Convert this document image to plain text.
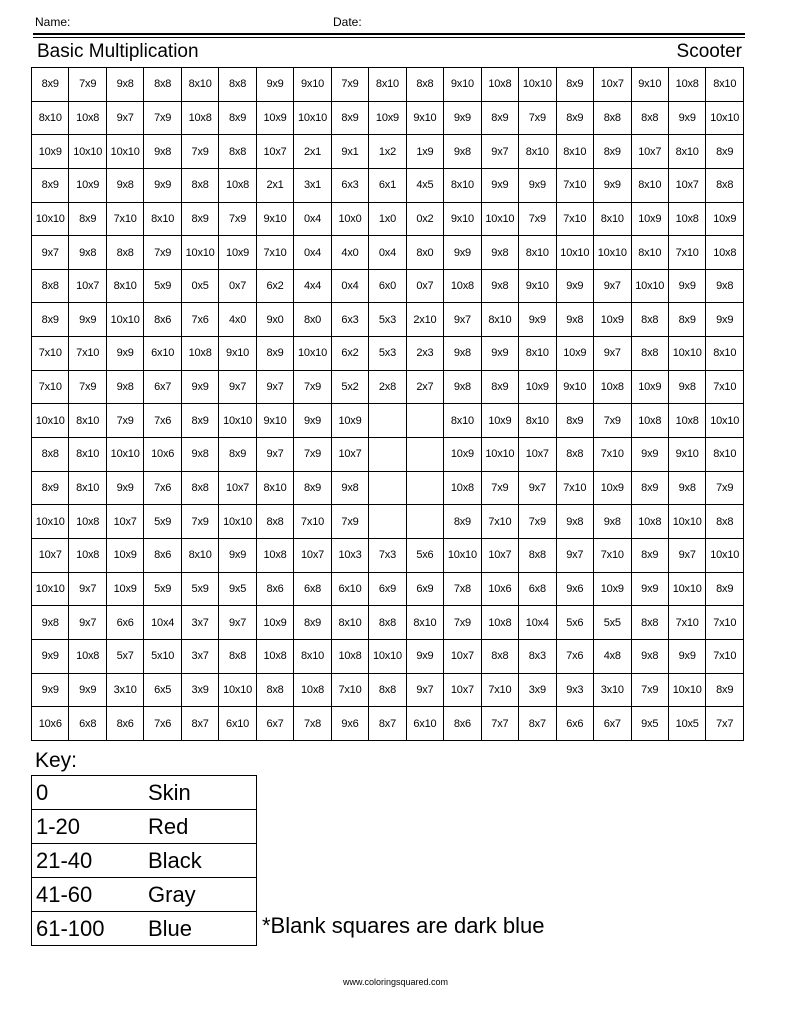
Name:	Date:
Basic Multiplication	Scooter
8x9	7x9	9x8	8x8	8x10	8x8	9x9	9x10	7x9	8x10	8x8	9x10	10x8	10x10	8x9	10x7	9x10	10x8	8x10
8x10	10x8	9x7	7x9	10x8	8x9	10x9	10x10	8x9	10x9	9x10	9x9	8x9	7x9	8x9	8x8	8x8	9x9	10x10
10x9	10x10	10x10	9x8	7x9	8x8	10x7	2x1	9x1	1x2	1x9	9x8	9x7	8x10	8x10	8x9	10x7	8x10	8x9
8x9	10x9	9x8	9x9	8x8	10x8	2x1	3x1	6x3	6x1	4x5	8x10	9x9	9x9	7x10	9x9	8x10	10x7	8x8
10x10	8x9	7x10	8x10	8x9	7x9	9x10	0x4	10x0	1x0	0x2	9x10	10x10	7x9	7x10	8x10	10x9	10x8	10x9
9x7	9x8	8x8	7x9	10x10	10x9	7x10	0x4	4x0	0x4	8x0	9x9	9x8	8x10	10x10	10x10	8x10	7x10	10x8
8x8	10x7	8x10	5x9	0x5	0x7	6x2	4x4	0x4	6x0	0x7	10x8	9x8	9x10	9x9	9x7	10x10	9x9	9x8
8x9	9x9	10x10	8x6	7x6	4x0	9x0	8x0	6x3	5x3	2x10	9x7	8x10	9x9	9x8	10x9	8x8	8x9	9x9
7x10	7x10	9x9	6x10	10x8	9x10	8x9	10x10	6x2	5x3	2x3	9x8	9x9	8x10	10x9	9x7	8x8	10x10	8x10
7x10	7x9	9x8	6x7	9x9	9x7	9x7	7x9	5x2	2x8	2x7	9x8	8x9	10x9	9x10	10x8	10x9	9x8	7x10
10x10	8x10	7x9	7x6	8x9	10x10	9x10	9x9	10x9			8x10	10x9	8x10	8x9	7x9	10x8	10x8	10x10
8x8	8x10	10x10	10x6	9x8	8x9	9x7	7x9	10x7			10x9	10x10	10x7	8x8	7x10	9x9	9x10	8x10
8x9	8x10	9x9	7x6	8x8	10x7	8x10	8x9	9x8			10x8	7x9	9x7	7x10	10x9	8x9	9x8	7x9
10x10	10x8	10x7	5x9	7x9	10x10	8x8	7x10	7x9			8x9	7x10	7x9	9x8	9x8	10x8	10x10	8x8
10x7	10x8	10x9	8x6	8x10	9x9	10x8	10x7	10x3	7x3	5x6	10x10	10x7	8x8	9x7	7x10	8x9	9x7	10x10
10x10	9x7	10x9	5x9	5x9	9x5	8x6	6x8	6x10	6x9	6x9	7x8	10x6	6x8	9x6	10x9	9x9	10x10	8x9
9x8	9x7	6x6	10x4	3x7	9x7	10x9	8x9	8x10	8x8	8x10	7x9	10x8	10x4	5x6	5x5	8x8	7x10	7x10
9x9	10x8	5x7	5x10	3x7	8x8	10x8	8x10	10x8	10x10	9x9	10x7	8x8	8x3	7x6	4x8	9x8	9x9	7x10
9x9	9x9	3x10	6x5	3x9	10x10	8x8	10x8	7x10	8x8	9x7	10x7	7x10	3x9	9x3	3x10	7x9	10x10	8x9
10x6	6x8	8x6	7x6	8x7	6x10	6x7	7x8	9x6	8x7	6x10	8x6	7x7	8x7	6x6	6x7	9x5	10x5	7x7
Key:
0	Skin
1-20	Red
21-40	Black
41-60	Gray
61-100	Blue	*Blank squares are dark blue
www.coloringsquared.com
